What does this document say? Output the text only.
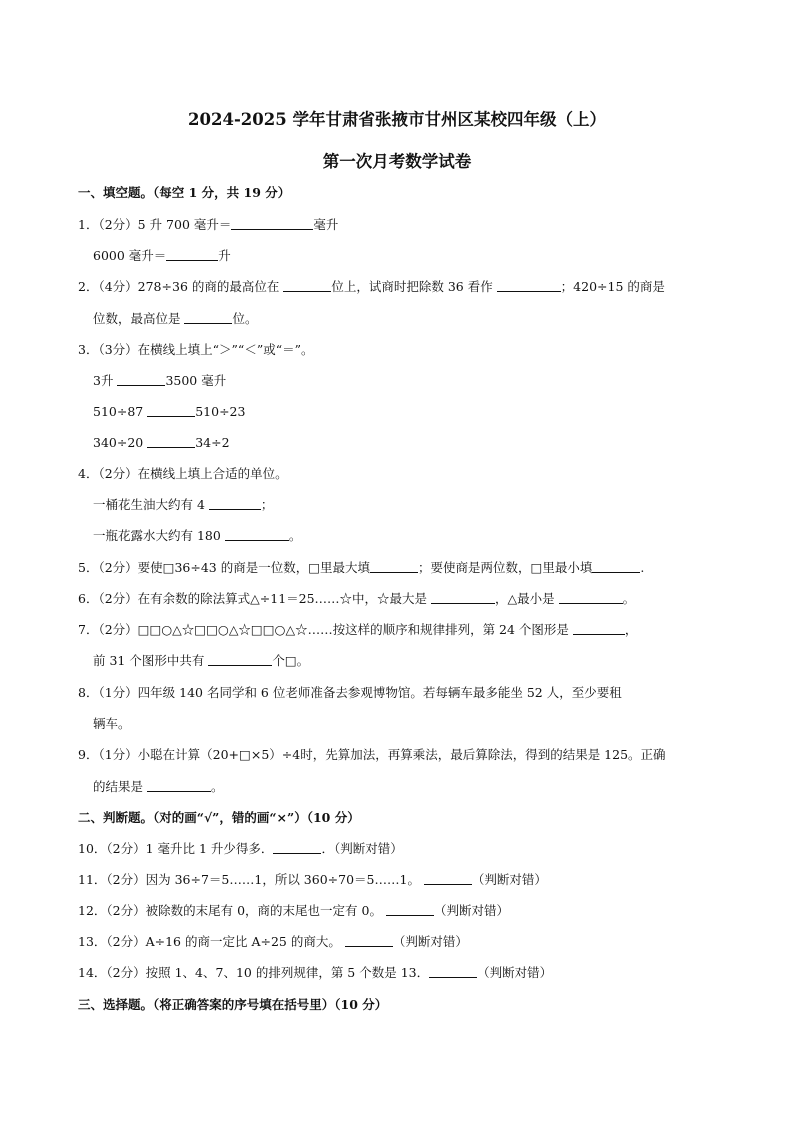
2024-2025 学年甘肃省张掖市甘州区某校四年级（上）
第一次月考数学试卷
一、填空题。（每空 1 分，共 19 分）
1．（2分）5 升 700 毫升＝	毫升
6000 毫升＝	升
2．（4分）278÷36 的商的最高位在	位上，试商时把除数 36 看作	；420÷15 的商是
位数，最高位是	位。
3．（3分）在横线上填上“＞”“＜”或“＝”。
3升	3500 毫升
510÷87	510÷23
340÷20	34÷2
4．（2分）在横线上填上合适的单位。
一桶花生油大约有 4	；
一瓶花露水大约有 180	。
5．（2分）要使□36÷43 的商是一位数，□里最大填	；要使商是两位数，□里最小填	.
6．（2分）在有余数的除法算式△÷11＝25……☆中，☆最大是	，△最小是	。
7．（2分）□□○△☆□□○△☆□□○△☆……按这样的顺序和规律排列，第 24 个图形是	，
前 31 个图形中共有	个□。
8．（1分）四年级 140 名同学和 6 位老师准备去参观博物馆。若每辆车最多能坐 52 人，至少要租
辆车。
9．（1分）小聪在计算（20+□×5）÷4时，先算加法，再算乘法，最后算除法，得到的结果是 125。正确
的结果是	。
二、判断题。（对的画“√”，错的画“×”）（10 分）
10．（2分）1 毫升比 1 升少得多．	．（判断对错）
11．（2分）因为 36÷7＝5……1，所以 360÷70＝5……1。	（判断对错）
12．（2分）被除数的末尾有 0，商的末尾也一定有 0。	（判断对错）
13．（2分）A÷16 的商一定比 A÷25 的商大。	（判断对错）
14．（2分）按照 1、4、7、10 的排列规律，第 5 个数是 13．	（判断对错）
三、选择题。（将正确答案的序号填在括号里）（10 分）
